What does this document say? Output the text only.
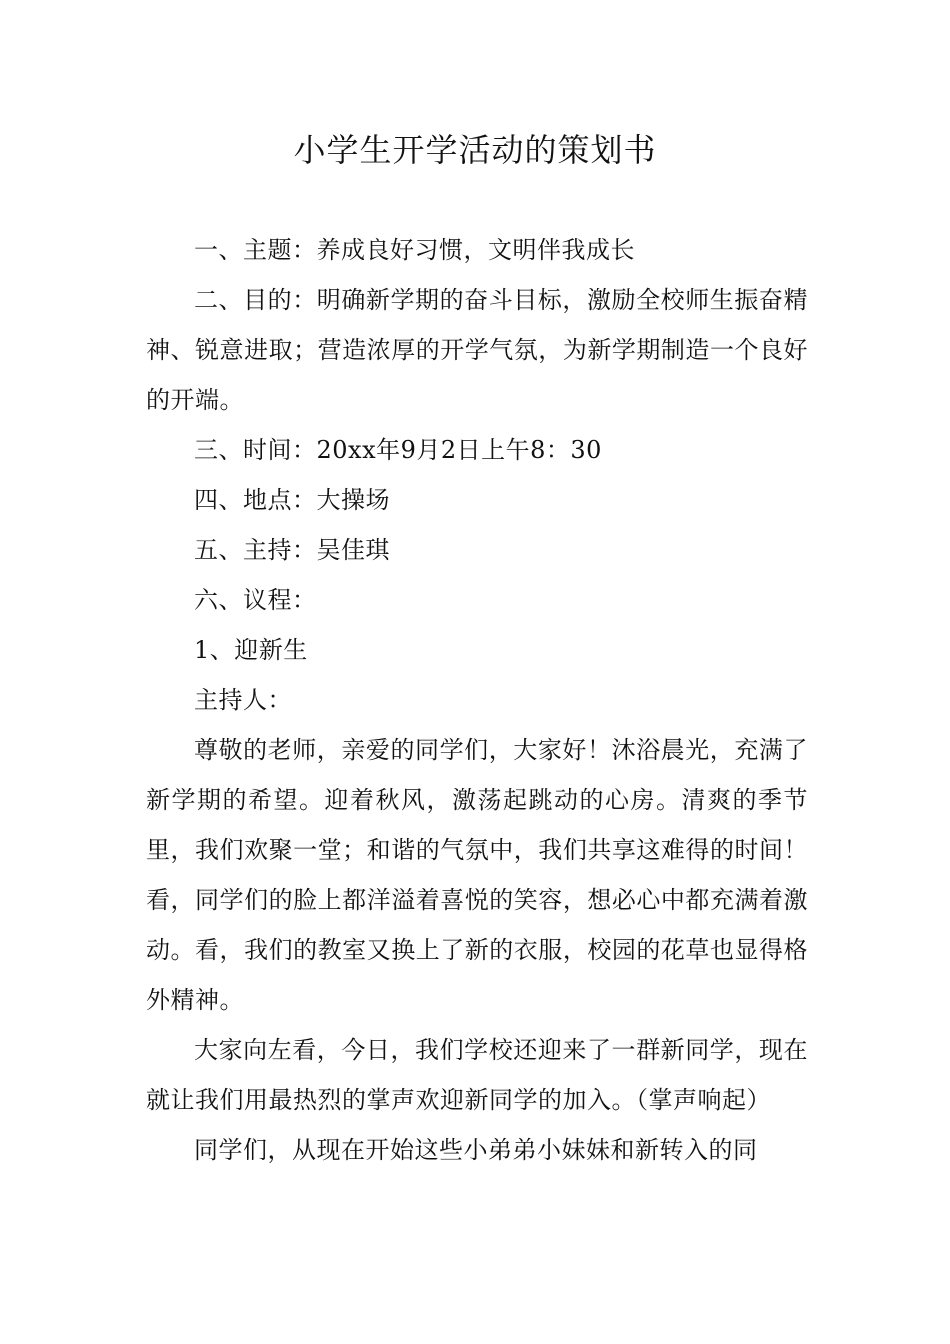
小学生开学活动的策划书

一、主题：养成良好习惯，文明伴我成长

二、目的：明确新学期的奋斗目标，激励全校师生振奋精神、锐意进取；营造浓厚的开学气氛，为新学期制造一个良好的开端。

三、时间：20xx年9月2日上午8：30

四、地点：大操场

五、主持：吴佳琪

六、议程：

1、迎新生

主持人：

尊敬的老师，亲爱的同学们，大家好！沐浴晨光，充满了新学期的希望。迎着秋风，激荡起跳动的心房。清爽的季节里，我们欢聚一堂；和谐的气氛中，我们共享这难得的时间！看，同学们的脸上都洋溢着喜悦的笑容，想必心中都充满着激动。看，我们的教室又换上了新的衣服，校园的花草也显得格外精神。

大家向左看，今日，我们学校还迎来了一群新同学，现在就让我们用最热烈的掌声欢迎新同学的加入。（掌声响起）

同学们，从现在开始这些小弟弟小妹妹和新转入的同
